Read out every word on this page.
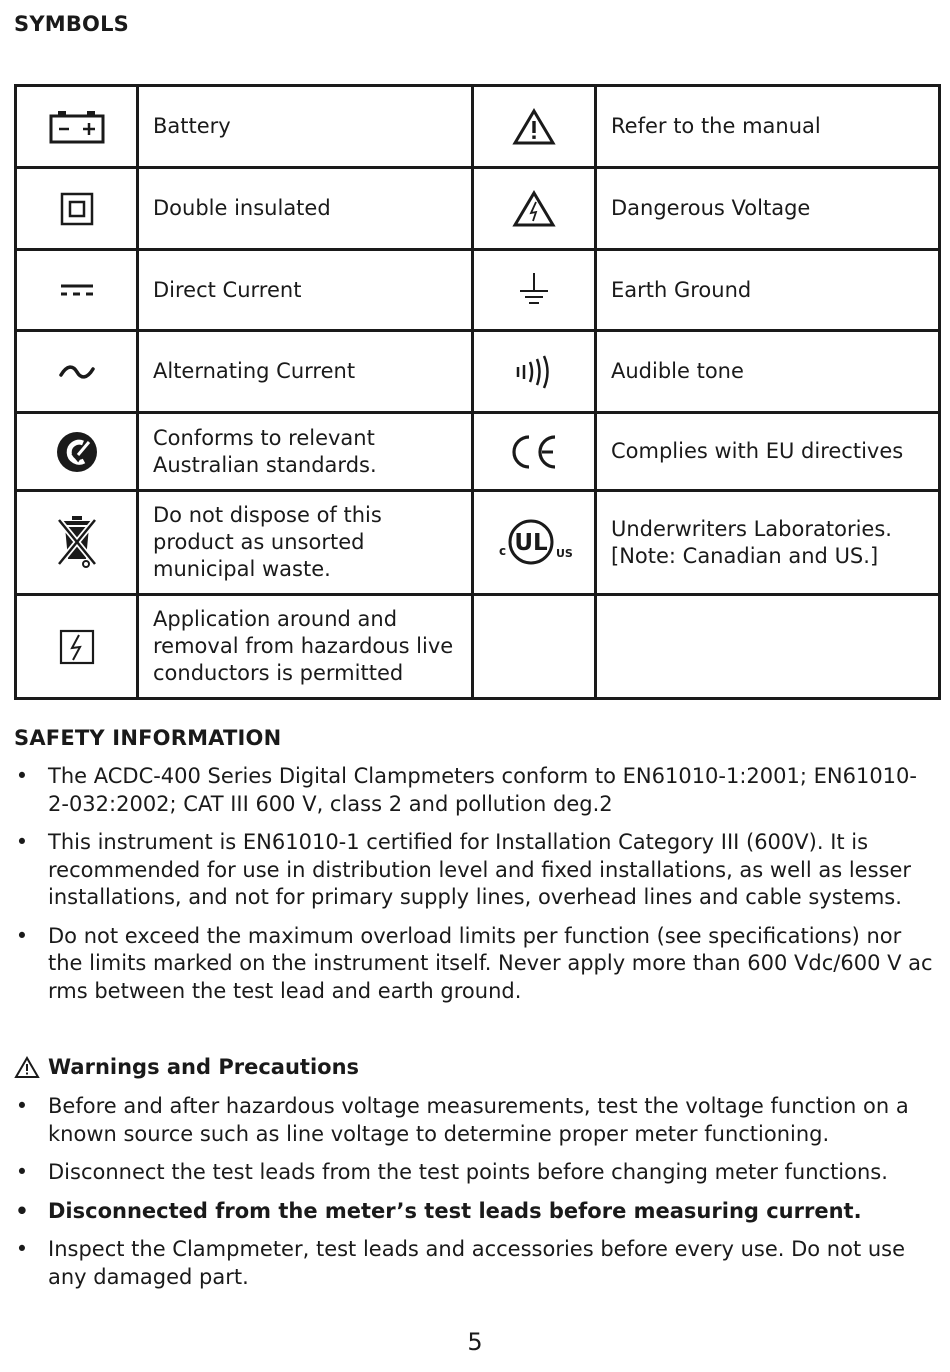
SYMBOLS
	Battery		Refer to the manual

	Double insulated		Dangerous Voltage

	Direct Current		Earth Ground

	Alternating Current		Audible tone

	Conforms to relevant Australian standards.		Complies with EU directives

	Do not dispose of this product as unsorted municipal waste.	c UL US	Underwriters Laboratories. [Note: Canadian and US.]

	Application around and removal from hazardous live conductors is permitted		
SAFETY INFORMATION
• The ACDC-400 Series Digital Clampmeters conform to EN61010-1:2001; EN61010-2-032:2002; CAT III 600 V, class 2 and pollution deg.2
• This instrument is EN61010-1 certified for Installation Category III (600V). It is recommended for use in distribution level and fixed installations, as well as lesser installations, and not for primary supply lines, overhead lines and cable systems.
• Do not exceed the maximum overload limits per function (see specifications) nor the limits marked on the instrument itself. Never apply more than 600 Vdc/600 V ac rms between the test lead and earth ground.
Warnings and Precautions
• Before and after hazardous voltage measurements, test the voltage function on a known source such as line voltage to determine proper meter functioning.
• Disconnect the test leads from the test points before changing meter functions.
• Disconnected from the meter’s test leads before measuring current.
• Inspect the Clampmeter, test leads and accessories before every use. Do not use any damaged part.
5
